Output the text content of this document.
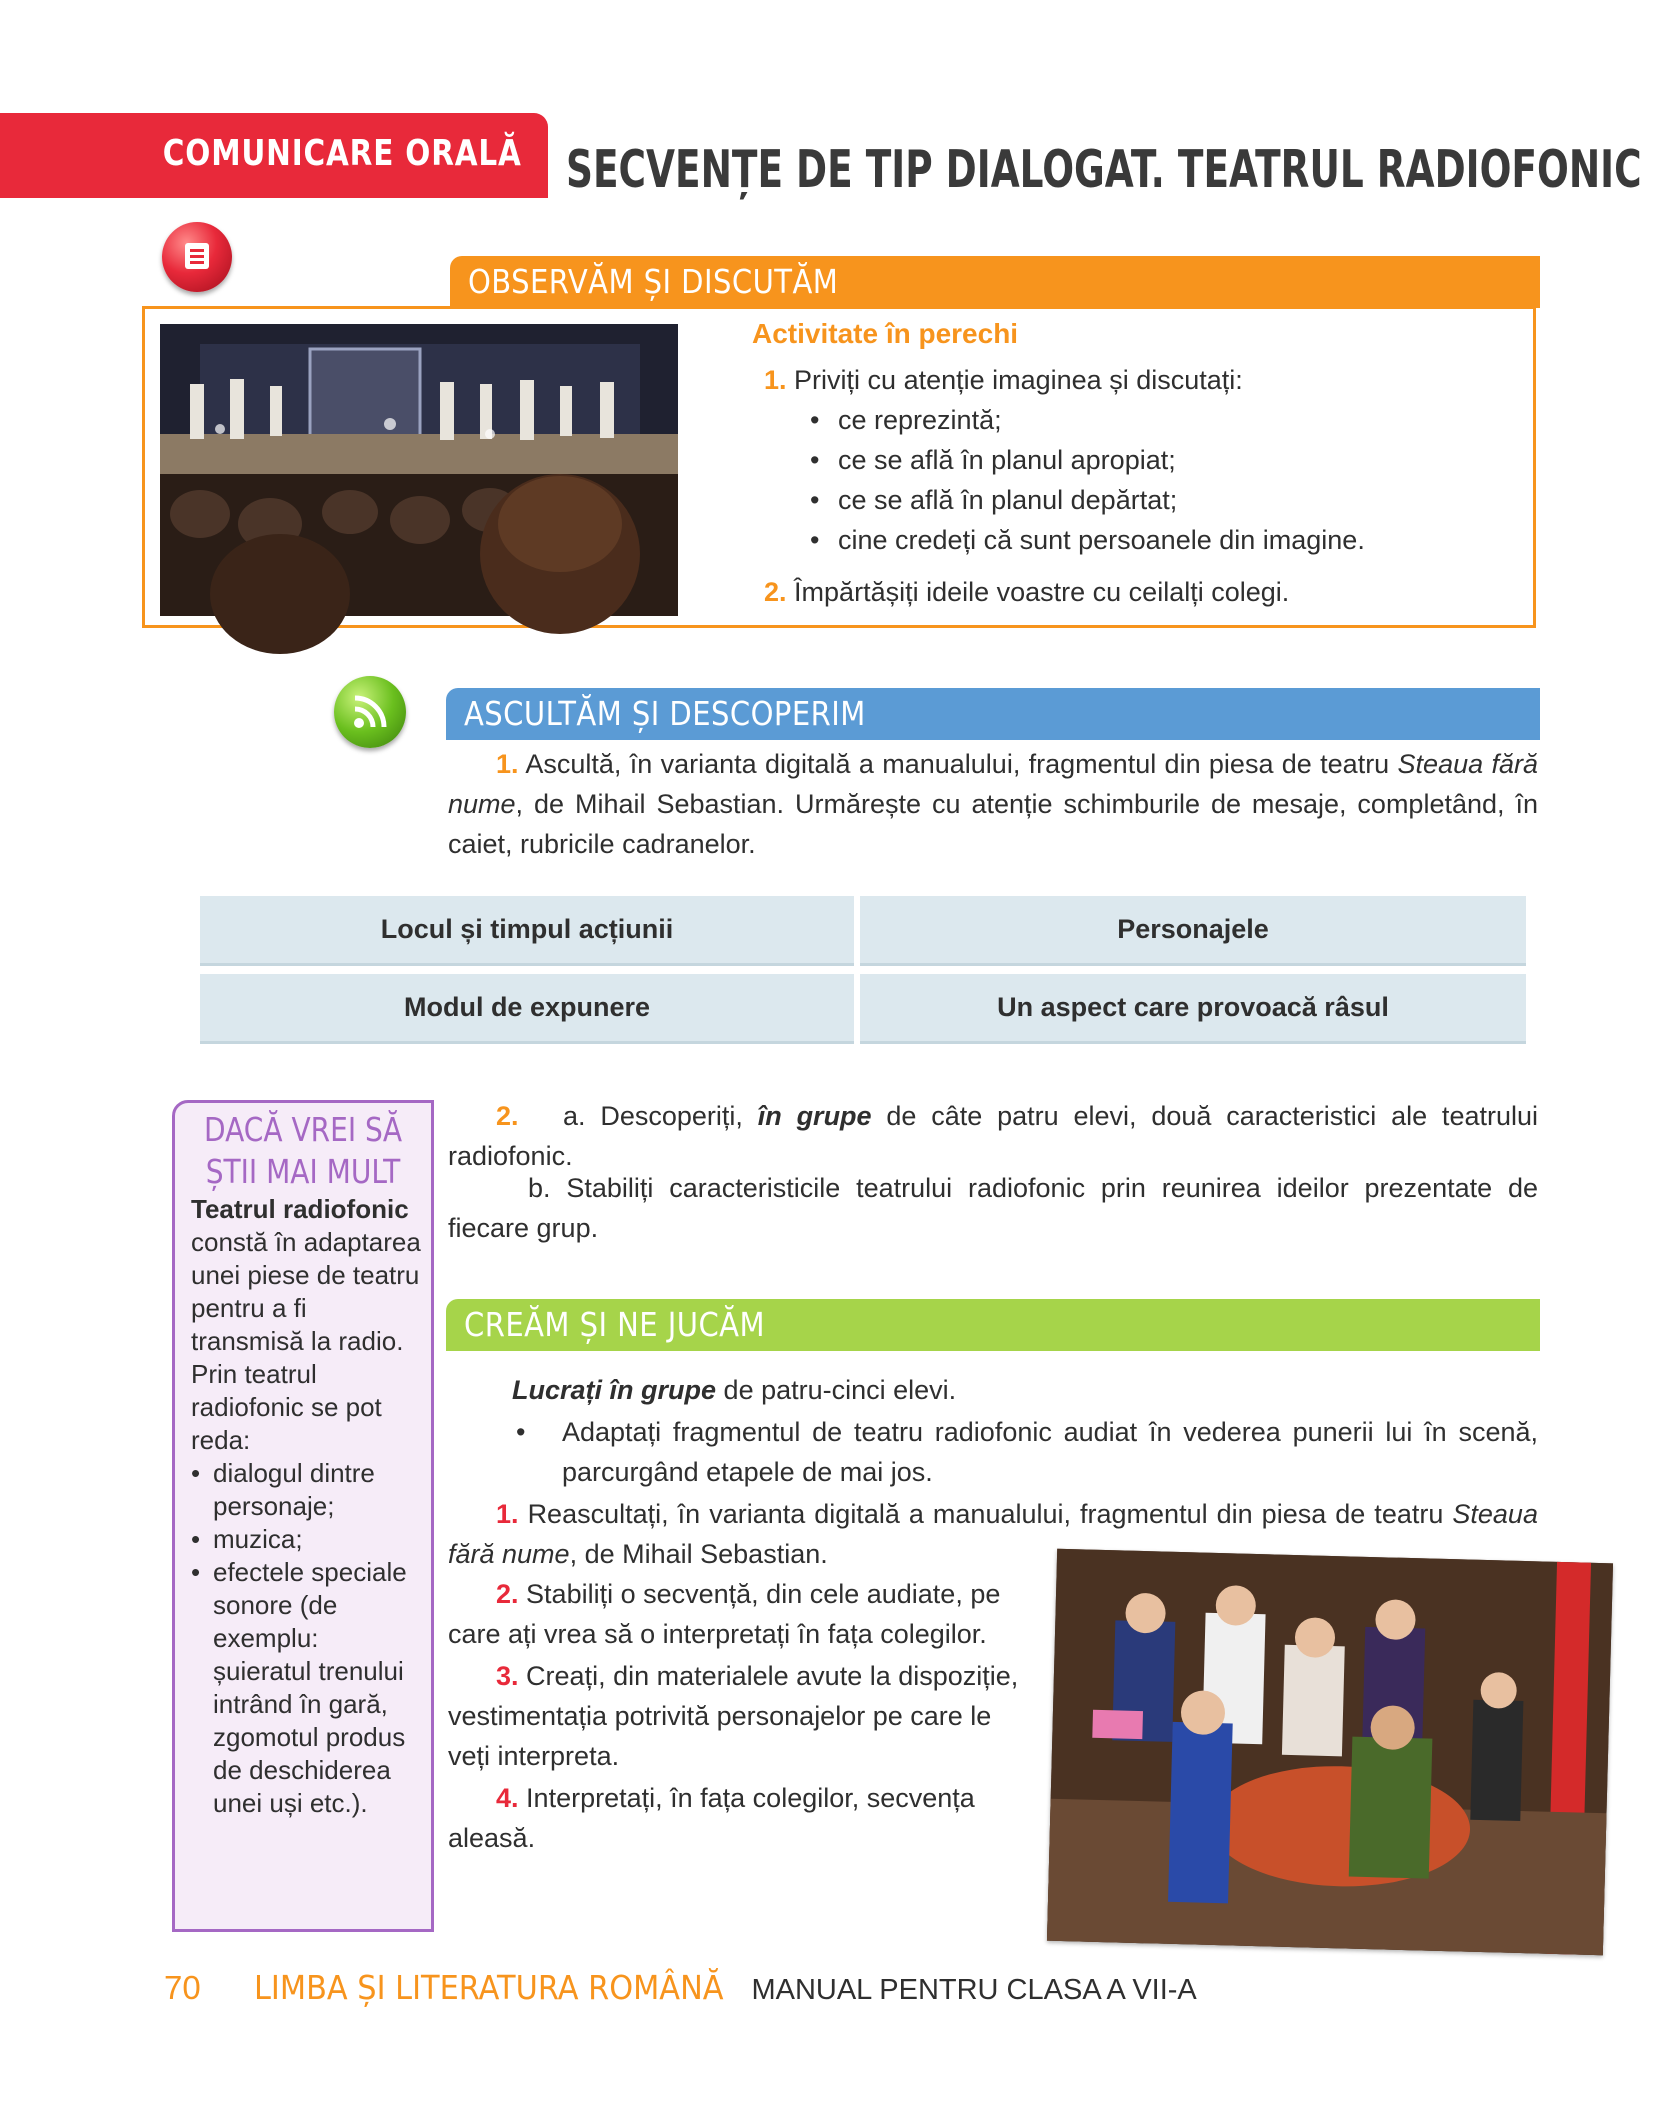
COMUNICARE ORALĂ SECVENȚE DE TIP DIALOGAT. TEATRUL RADIOFONIC
OBSERVĂM ȘI DISCUTĂM
Activitate în perechi
1. Priviți cu atenție imaginea și discutați:
• ce reprezintă;
• ce se află în planul apropiat;
• ce se află în planul depărtat;
• cine credeți că sunt persoanele din imagine.
2. Împărtășiți ideile voastre cu ceilalți colegi.
ASCULTĂM ȘI DESCOPERIM
1. Ascultă, în varianta digitală a manualului, fragmentul din piesa de teatru Steaua fără nume, de Mihail Sebastian. Urmărește cu atenție schimburile de mesaje, completând, în caiet, rubricile cadranelor.
Locul și timpul acțiunii	Personajele
Modul de expunere	Un aspect care provoacă râsul
DACĂ VREI SĂ
ȘTII MAI MULT
Teatrul radiofonic constă în adaptarea unei piese de teatru pentru a fi transmisă la radio.
Prin teatrul radiofonic se pot reda:
• dialogul dintre personaje;
• muzica;
• efectele speciale sonore (de exemplu: șuieratul trenului intrând în gară, zgomotul produs de deschiderea unei uși etc.).
2. a. Descoperiți, în grupe de câte patru elevi, două caracteristici ale teatrului radiofonic.
b. Stabiliți caracteristicile teatrului radiofonic prin reunirea ideilor prezentate de fiecare grup.
CREĂM ȘI NE JUCĂM
Lucrați în grupe de patru-cinci elevi.
• Adaptați fragmentul de teatru radiofonic audiat în vederea punerii lui în scenă, parcurgând etapele de mai jos.
1. Reascultați, în varianta digitală a manualului, fragmentul din piesa de teatru Steaua fără nume, de Mihail Sebastian.
2. Stabiliți o secvență, din cele audiate, pe care ați vrea să o interpretați în fața colegilor.
3. Creați, din materialele avute la dispoziție, vestimentația potrivită personajelor pe care le veți interpreta.
4. Interpretați, în fața colegilor, secvența aleasă.
70 LIMBA ȘI LITERATURA ROMÂNĂ MANUAL PENTRU CLASA A VII-A
